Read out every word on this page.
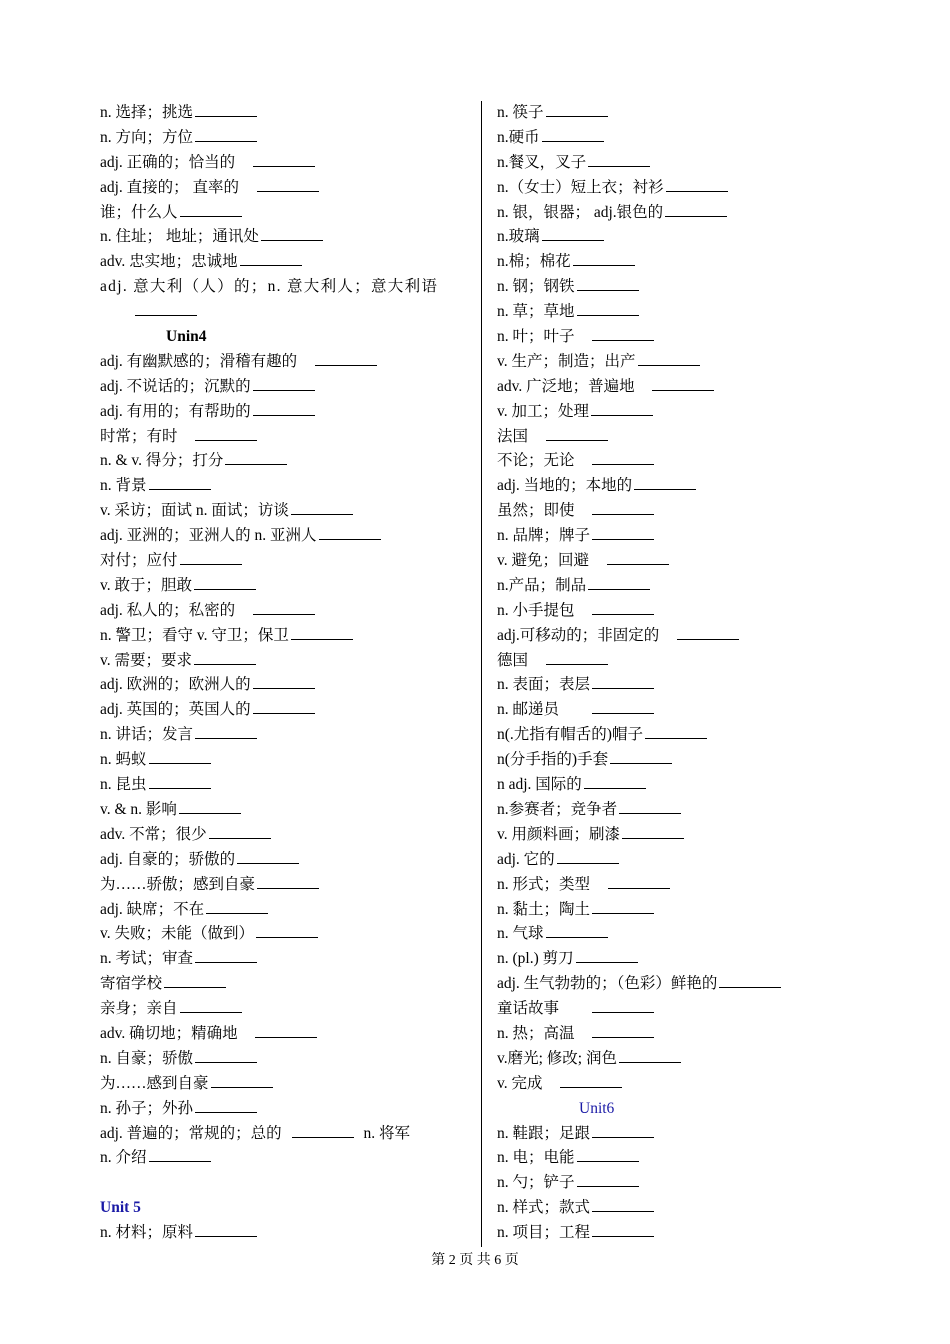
n. 选择；挑选
n. 方向；方位
adj. 正确的；恰当的　
adj. 直接的； 直率的　
谁；什么人
n. 住址； 地址；通讯处
adv. 忠实地；忠诚地
adj. 意大利（人）的；n. 意大利人；意大利语
Unin4
adj. 有幽默感的；滑稽有趣的　
adj. 不说话的；沉默的
adj. 有用的；有帮助的
时常；有时　
n. & v. 得分；打分
n. 背景
v. 采访；面试 n. 面试；访谈
adj. 亚洲的；亚洲人的 n. 亚洲人
对付；应付
v. 敢于；胆敢
adj. 私人的；私密的　
n. 警卫；看守 v. 守卫；保卫
v. 需要；要求
adj. 欧洲的；欧洲人的
adj. 英国的；英国人的
n. 讲话；发言
n. 蚂蚁
n. 昆虫
v. & n. 影响
adv. 不常；很少
adj. 自豪的；骄傲的
为……骄傲；感到自豪
adj. 缺席；不在
v. 失败；未能（做到）
n. 考试；审查
寄宿学校
亲身；亲自
adv. 确切地；精确地　
n. 自豪；骄傲
为……感到自豪
n. 孙子；外孙
adj. 普遍的；常规的；总的	n. 将军
n. 介绍
Unit 5
n. 材料；原料
n. 筷子
n.硬币
n.餐叉，叉子
n.（女士）短上衣；衬衫
n. 银，银器； adj.银色的
n.玻璃
n.棉；棉花
n. 钢；钢铁
n. 草；草地
n. 叶；叶子　
v. 生产；制造；出产
adv. 广泛地；普遍地　
v. 加工；处理
法国　
不论；无论　
adj. 当地的；本地的
虽然；即使　
n. 品牌；牌子
v. 避免；回避　
n.产品；制品
n. 小手提包　
adj.可移动的；非固定的　
德国　
n. 表面；表层
n. 邮递员　　
n(.尤指有帽舌的)帽子
n(分手指的)手套
n adj. 国际的
n.参赛者；竞争者
v. 用颜料画；刷漆
adj. 它的
n. 形式；类型　
n. 黏土；陶土
n. 气球
n. (pl.) 剪刀
adj. 生气勃勃的；（色彩）鲜艳的
童话故事　　
n. 热；高温　
v.磨光; 修改; 润色
v. 完成　
Unit6
n. 鞋跟；足跟
n. 电；电能
n. 勺；铲子
n. 样式；款式
n. 项目；工程
第 2 页 共 6 页
